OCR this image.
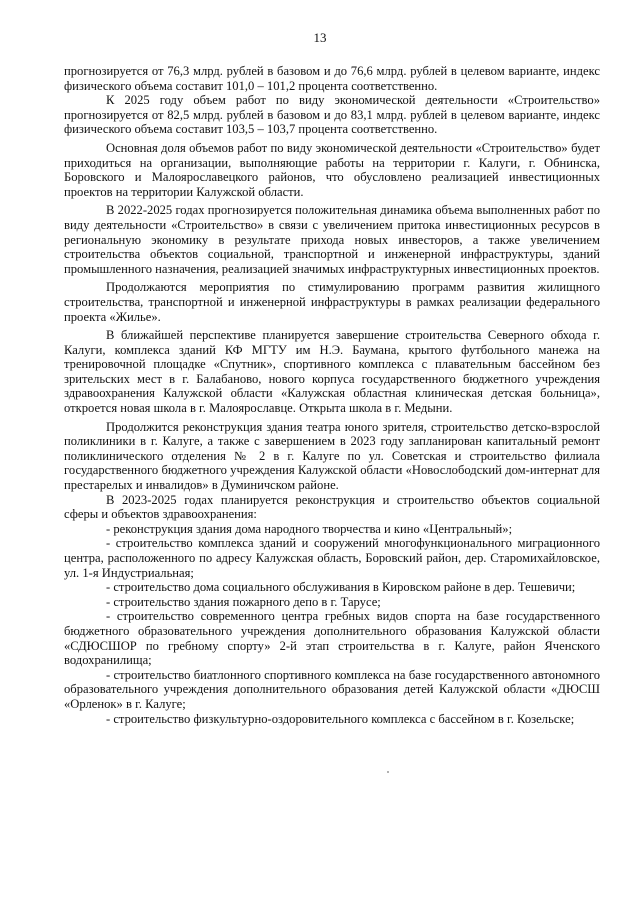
13

прогнозируется от 76,3 млрд. рублей в базовом и до 76,6 млрд. рублей в целевом варианте, индекс физического объема составит 101,0 – 101,2 процента соответственно.

К 2025 году объем работ по виду экономической деятельности «Строительство» прогнозируется от 82,5 млрд. рублей в базовом и до 83,1 млрд. рублей в целевом варианте, индекс физического объема составит 103,5 – 103,7 процента соответственно.

Основная доля объемов работ по виду экономической деятельности «Строительство» будет приходиться на организации, выполняющие работы на территории г. Калуги, г. Обнинска, Боровского и Малоярославецкого районов, что обусловлено реализацией инвестиционных проектов на территории Калужской области.

В 2022-2025 годах прогнозируется положительная динамика объема выполненных работ по виду деятельности «Строительство» в связи с увеличением притока инвестиционных ресурсов в региональную экономику в результате прихода новых инвесторов, а также увеличением строительства объектов социальной, транспортной и инженерной инфраструктуры, зданий промышленного назначения, реализацией значимых инфраструктурных инвестиционных проектов.

Продолжаются мероприятия по стимулированию программ развития жилищного строительства, транспортной и инженерной инфраструктуры в рамках реализации федерального проекта «Жилье».

В ближайшей перспективе планируется завершение строительства Северного обхода г. Калуги, комплекса зданий КФ МГТУ им Н.Э. Баумана, крытого футбольного манежа на тренировочной площадке «Спутник», спортивного комплекса с плавательным бассейном без зрительских мест в г. Балабаново, нового корпуса государственного бюджетного учреждения здравоохранения Калужской области «Калужская областная клиническая детская больница», откроется новая школа в г. Малоярославце. Открыта школа в г. Медыни.

Продолжится реконструкция здания театра юного зрителя, строительство детско-взрослой поликлиники в г. Калуге, а также с завершением в 2023 году запланирован капитальный ремонт поликлинического отделения № 2 в г. Калуге по ул. Советская и строительство филиала государственного бюджетного учреждения Калужской области «Новослободский дом-интернат для престарелых и инвалидов» в Думиничском районе.

В 2023-2025 годах планируется реконструкция и строительство объектов социальной сферы и объектов здравоохранения:

- реконструкция здания дома народного творчества и кино «Центральный»;

- строительство комплекса зданий и сооружений многофункционального миграционного центра, расположенного по адресу Калужская область, Боровский район, дер. Старомихайловское, ул. 1-я Индустриальная;

- строительство дома социального обслуживания в Кировском районе в дер. Тешевичи;

- строительство здания пожарного депо в г. Тарусе;

- строительство современного центра гребных видов спорта на базе государственного бюджетного образовательного учреждения дополнительного образования Калужской области «СДЮСШОР по гребному спорту» 2-й этап строительства в г. Калуге, район Яченского водохранилища;

- строительство биатлонного спортивного комплекса на базе государственного автономного образовательного учреждения дополнительного образования детей Калужской области «ДЮСШ «Орленок» в г. Калуге;

- строительство физкультурно-оздоровительного комплекса с бассейном в г. Козельске;
